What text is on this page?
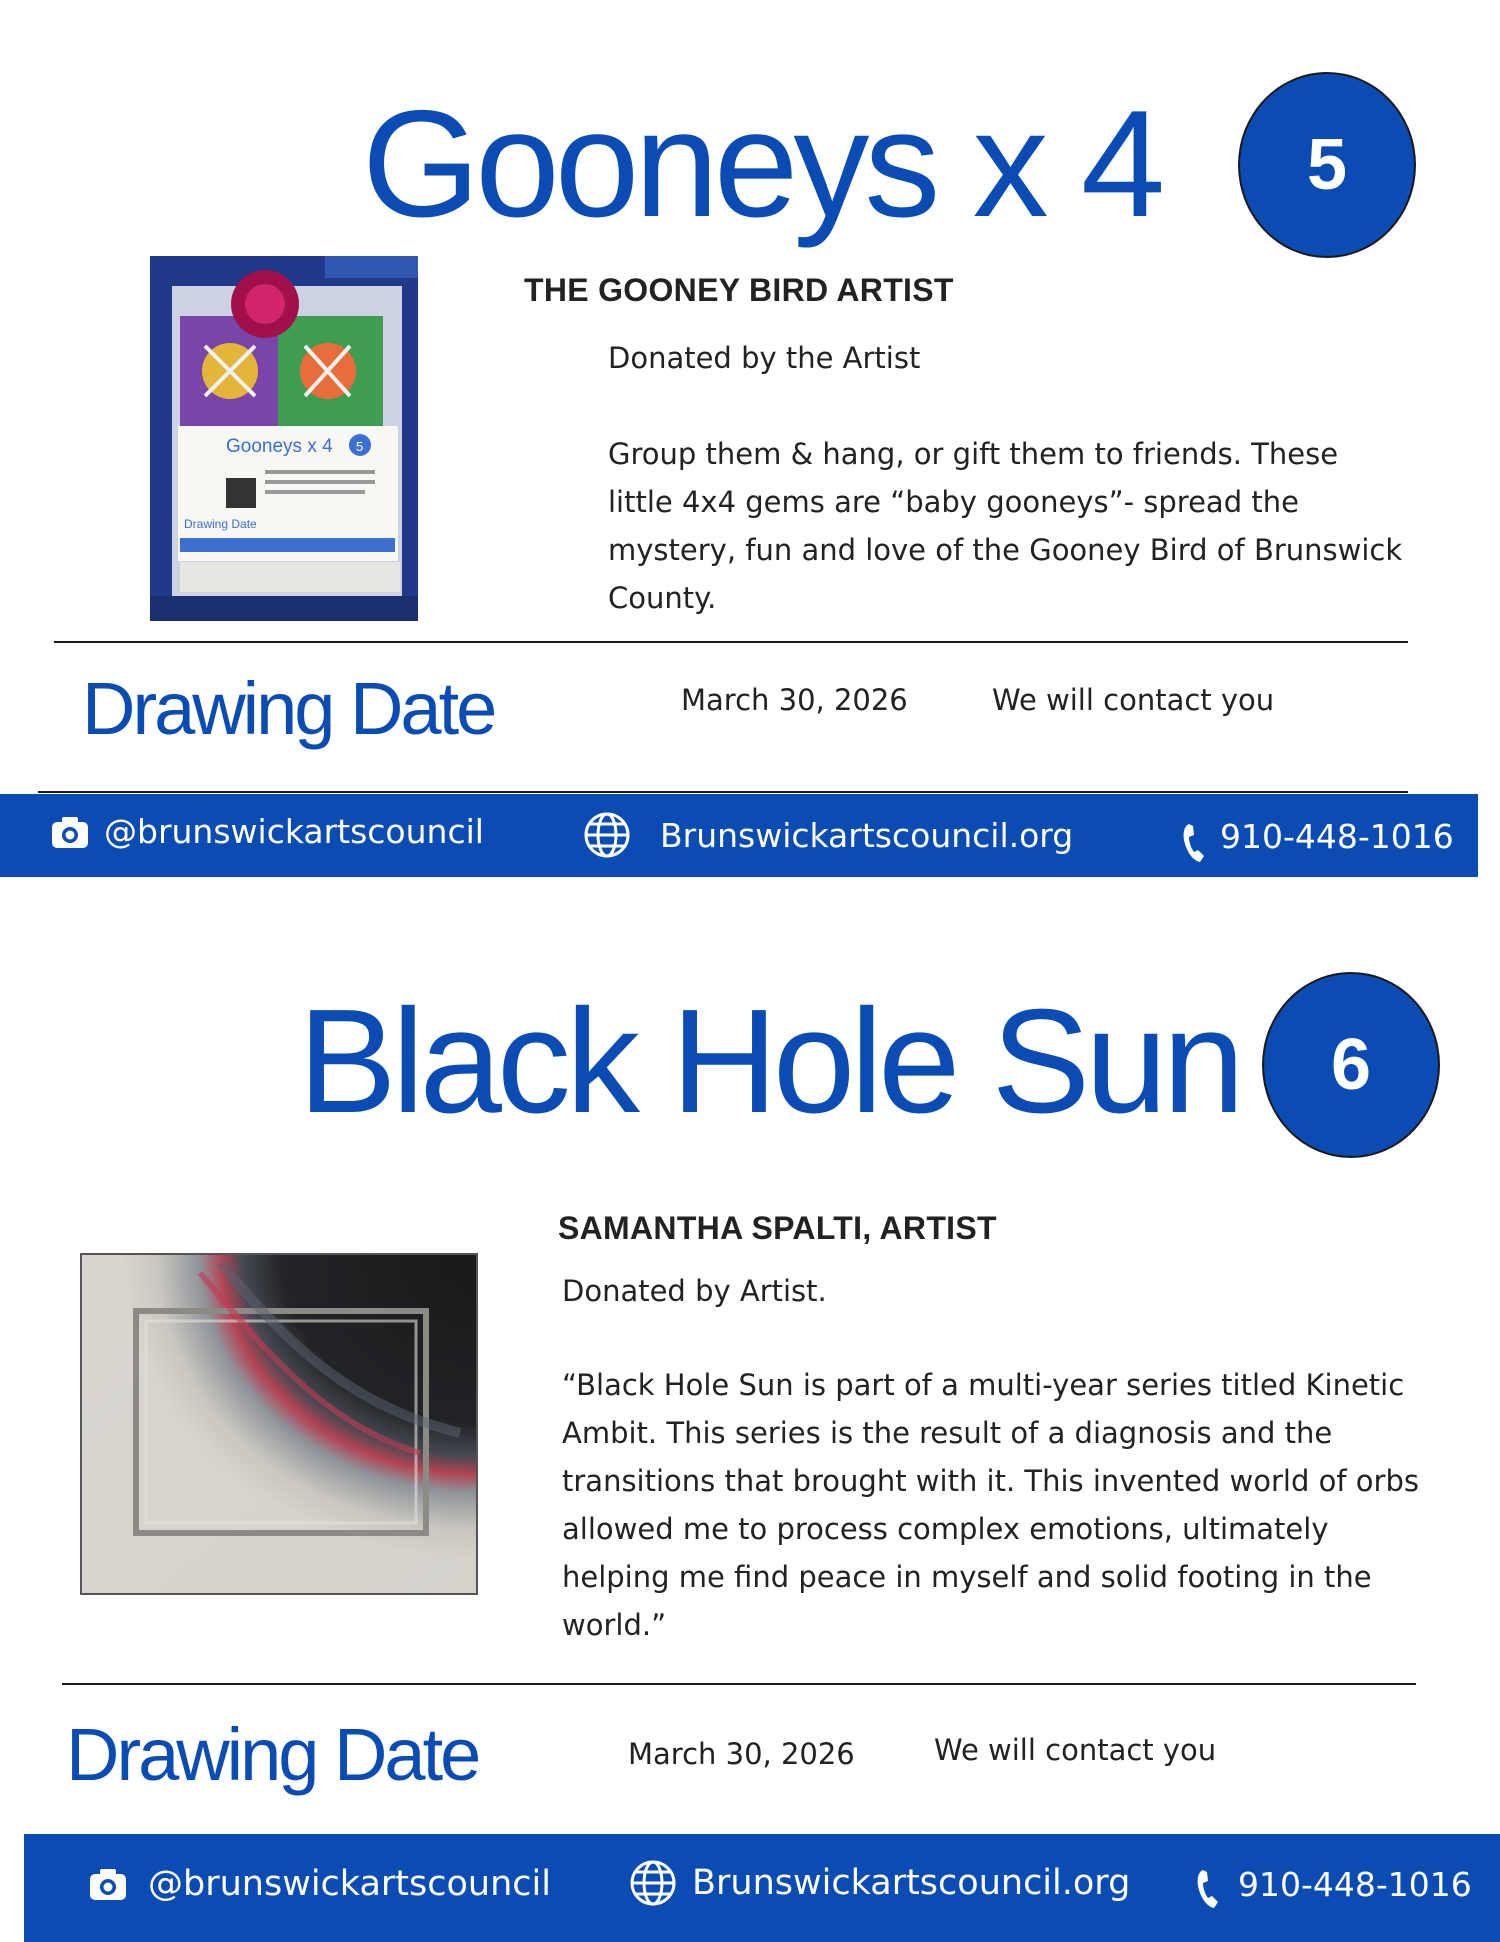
Gooneys x 4	5
Gooneys x 4 5
Drawing Date
THE GOONEY BIRD ARTIST
Donated by the Artist
Group them & hang, or gift them to friends. These little 4x4 gems are “baby gooneys”- spread the mystery, fun and love of the Gooney Bird of Brunswick County.
Drawing Date	March 30, 2026	We will contact you
@brunswickartscouncil	Brunswickartscouncil.org	910-448-1016
Black Hole Sun	6
SAMANTHA SPALTI, ARTIST
Donated by Artist.
“Black Hole Sun is part of a multi-year series titled Kinetic Ambit. This series is the result of a diagnosis and the transitions that brought with it. This invented world of orbs allowed me to process complex emotions, ultimately helping me find peace in myself and solid footing in the world.”
Drawing Date	March 30, 2026	We will contact you
@brunswickartscouncil	Brunswickartscouncil.org	910-448-1016
